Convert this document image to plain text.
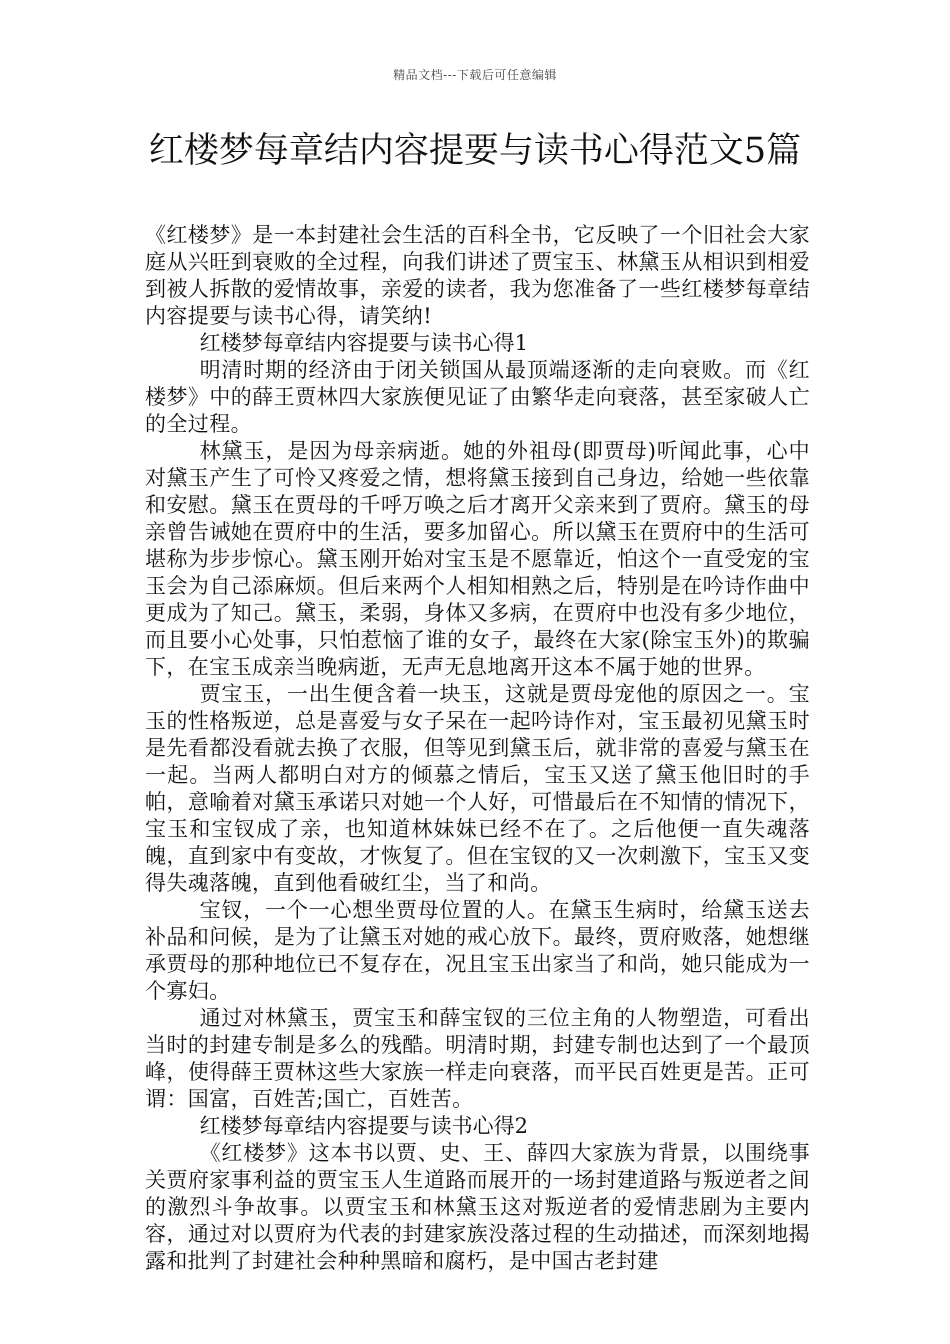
精品文档---下载后可任意编辑
红楼梦每章结内容提要与读书心得范文5篇

《红楼梦》是一本封建社会生活的百科全书，它反映了一个旧社会大家庭从兴旺到衰败的全过程，向我们讲述了贾宝玉、林黛玉从相识到相爱到被人拆散的爱情故事，亲爱的读者，我为您准备了一些红楼梦每章结内容提要与读书心得，请笑纳!

红楼梦每章结内容提要与读书心得1

明清时期的经济由于闭关锁国从最顶端逐渐的走向衰败。而《红楼梦》中的薛王贾林四大家族便见证了由繁华走向衰落，甚至家破人亡的全过程。

林黛玉，是因为母亲病逝。她的外祖母(即贾母)听闻此事，心中对黛玉产生了可怜又疼爱之情，想将黛玉接到自己身边，给她一些依靠和安慰。黛玉在贾母的千呼万唤之后才离开父亲来到了贾府。黛玉的母亲曾告诫她在贾府中的生活，要多加留心。所以黛玉在贾府中的生活可堪称为步步惊心。黛玉刚开始对宝玉是不愿靠近，怕这个一直受宠的宝玉会为自己添麻烦。但后来两个人相知相熟之后，特别是在吟诗作曲中更成为了知己。黛玉，柔弱，身体又多病，在贾府中也没有多少地位，而且要小心处事，只怕惹恼了谁的女子，最终在大家(除宝玉外)的欺骗下，在宝玉成亲当晚病逝，无声无息地离开这本不属于她的世界。

贾宝玉，一出生便含着一块玉，这就是贾母宠他的原因之一。宝玉的性格叛逆，总是喜爱与女子呆在一起吟诗作对，宝玉最初见黛玉时是先看都没看就去换了衣服，但等见到黛玉后，就非常的喜爱与黛玉在一起。当两人都明白对方的倾慕之情后，宝玉又送了黛玉他旧时的手帕，意喻着对黛玉承诺只对她一个人好，可惜最后在不知情的情况下，宝玉和宝钗成了亲，也知道林妹妹已经不在了。之后他便一直失魂落魄，直到家中有变故，才恢复了。但在宝钗的又一次刺激下，宝玉又变得失魂落魄，直到他看破红尘，当了和尚。

宝钗，一个一心想坐贾母位置的人。在黛玉生病时，给黛玉送去补品和问候，是为了让黛玉对她的戒心放下。最终，贾府败落，她想继承贾母的那种地位已不复存在，况且宝玉出家当了和尚，她只能成为一个寡妇。

通过对林黛玉，贾宝玉和薛宝钗的三位主角的人物塑造，可看出当时的封建专制是多么的残酷。明清时期，封建专制也达到了一个最顶峰，使得薛王贾林这些大家族一样走向衰落，而平民百姓更是苦。正可谓：国富，百姓苦;国亡，百姓苦。

红楼梦每章结内容提要与读书心得2

《红楼梦》这本书以贾、史、王、薛四大家族为背景，以围绕事关贾府家事利益的贾宝玉人生道路而展开的一场封建道路与叛逆者之间的激烈斗争故事。以贾宝玉和林黛玉这对叛逆者的爱情悲剧为主要内容，通过对以贾府为代表的封建家族没落过程的生动描述，而深刻地揭露和批判了封建社会种种黑暗和腐朽，是中国古老封建
